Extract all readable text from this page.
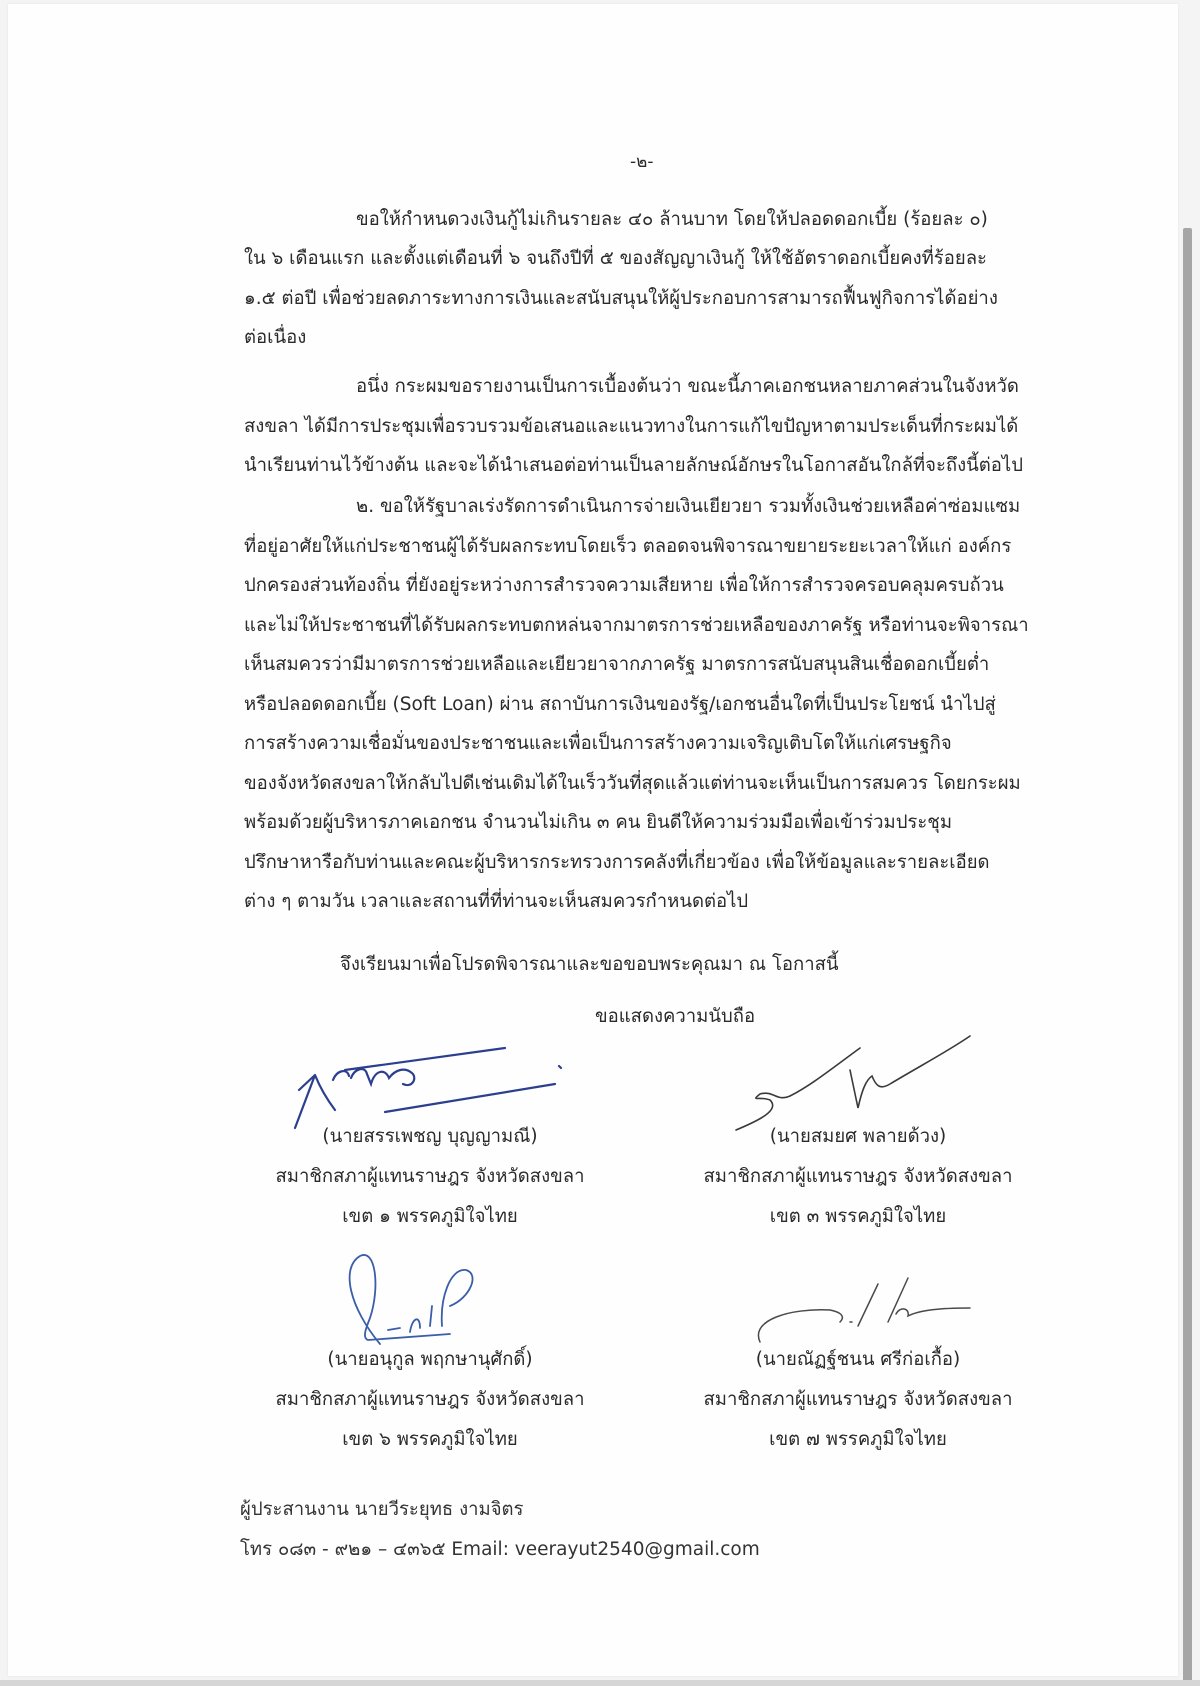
-๒-
ขอให้กำหนดวงเงินกู้ไม่เกินรายละ ๔๐ ล้านบาท โดยให้ปลอดดอกเบี้ย (ร้อยละ ๐)
ใน ๖ เดือนแรก และตั้งแต่เดือนที่ ๖ จนถึงปีที่ ๕ ของสัญญาเงินกู้ ให้ใช้อัตราดอกเบี้ยคงที่ร้อยละ
๑.๕ ต่อปี เพื่อช่วยลดภาระทางการเงินและสนับสนุนให้ผู้ประกอบการสามารถฟื้นฟูกิจการได้อย่าง
ต่อเนื่อง
อนึ่ง กระผมขอรายงานเป็นการเบื้องต้นว่า ขณะนี้ภาคเอกชนหลายภาคส่วนในจังหวัด
สงขลา ได้มีการประชุมเพื่อรวบรวมข้อเสนอและแนวทางในการแก้ไขปัญหาตามประเด็นที่กระผมได้
นำเรียนท่านไว้ข้างต้น และจะได้นำเสนอต่อท่านเป็นลายลักษณ์อักษรในโอกาสอันใกล้ที่จะถึงนี้ต่อไป
๒. ขอให้รัฐบาลเร่งรัดการดำเนินการจ่ายเงินเยียวยา รวมทั้งเงินช่วยเหลือค่าซ่อมแซม
ที่อยู่อาศัยให้แก่ประชาชนผู้ได้รับผลกระทบโดยเร็ว ตลอดจนพิจารณาขยายระยะเวลาให้แก่ องค์กร
ปกครองส่วนท้องถิ่น ที่ยังอยู่ระหว่างการสำรวจความเสียหาย เพื่อให้การสำรวจครอบคลุมครบถ้วน
และไม่ให้ประชาชนที่ได้รับผลกระทบตกหล่นจากมาตรการช่วยเหลือของภาครัฐ หรือท่านจะพิจารณา
เห็นสมควรว่ามีมาตรการช่วยเหลือและเยียวยาจากภาครัฐ มาตรการสนับสนุนสินเชื่อดอกเบี้ยต่ำ
หรือปลอดดอกเบี้ย (Soft Loan) ผ่าน สถาบันการเงินของรัฐ/เอกชนอื่นใดที่เป็นประโยชน์ นำไปสู่
การสร้างความเชื่อมั่นของประชาชนและเพื่อเป็นการสร้างความเจริญเติบโตให้แก่เศรษฐกิจ
ของจังหวัดสงขลาให้กลับไปดีเช่นเดิมได้ในเร็ววันที่สุดแล้วแต่ท่านจะเห็นเป็นการสมควร โดยกระผม
พร้อมด้วยผู้บริหารภาคเอกชน จำนวนไม่เกิน ๓ คน ยินดีให้ความร่วมมือเพื่อเข้าร่วมประชุม
ปรึกษาหารือกับท่านและคณะผู้บริหารกระทรวงการคลังที่เกี่ยวข้อง เพื่อให้ข้อมูลและรายละเอียด
ต่าง ๆ ตามวัน เวลาและสถานที่ที่ท่านจะเห็นสมควรกำหนดต่อไป
จึงเรียนมาเพื่อโปรดพิจารณาและขอขอบพระคุณมา ณ โอกาสนี้
ขอแสดงความนับถือ
(นายสรรเพชญ บุญญามณี)
สมาชิกสภาผู้แทนราษฎร จังหวัดสงขลา
เขต ๑ พรรคภูมิใจไทย
(นายสมยศ พลายด้วง)
สมาชิกสภาผู้แทนราษฎร จังหวัดสงขลา
เขต ๓ พรรคภูมิใจไทย
(นายอนุกูล พฤกษานุศักดิ์)
สมาชิกสภาผู้แทนราษฎร จังหวัดสงขลา
เขต ๖ พรรคภูมิใจไทย
(นายณัฏฐ์ชนน ศรีก่อเกื้อ)
สมาชิกสภาผู้แทนราษฎร จังหวัดสงขลา
เขต ๗ พรรคภูมิใจไทย
ผู้ประสานงาน นายวีระยุทธ งามจิตร
โทร ๐๘๓ - ๙๒๑ – ๔๓๖๕ Email: veerayut2540@gmail.com
